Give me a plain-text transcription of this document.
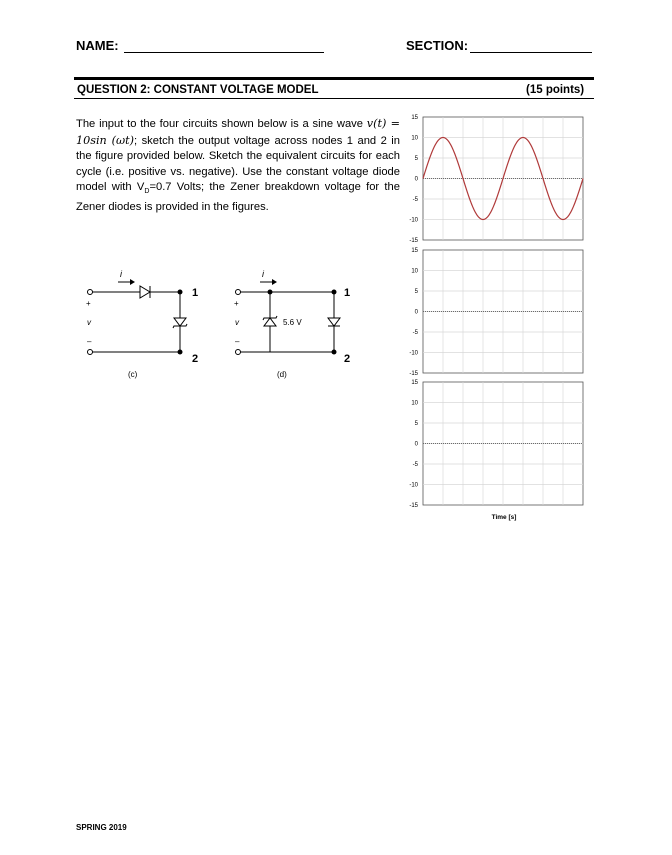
NAME:	SECTION:
QUESTION 2: CONSTANT VOLTAGE MODEL	(15 points)
The input to the four circuits shown below is a sine wave v(t) = 10sin (ωt); sketch the output voltage across nodes 1 and 2 in the figure provided below. Sketch the equivalent circuits for each cycle (i.e. positive vs. negative). Use the constant voltage diode model with $V_D=0.7$ Volts; the Zener breakdown voltage for the Zener diodes is provided in the figures.
i	i
+
v
–
+
v
–
1
2
1
2
5.6 V
(c)	(d)
15
10
5
0
-5
-10
-15
15
10
5
0
-5
-10
-15
15
10
5
0
-5
-10
-15
Time [s]
SPRING 2019
